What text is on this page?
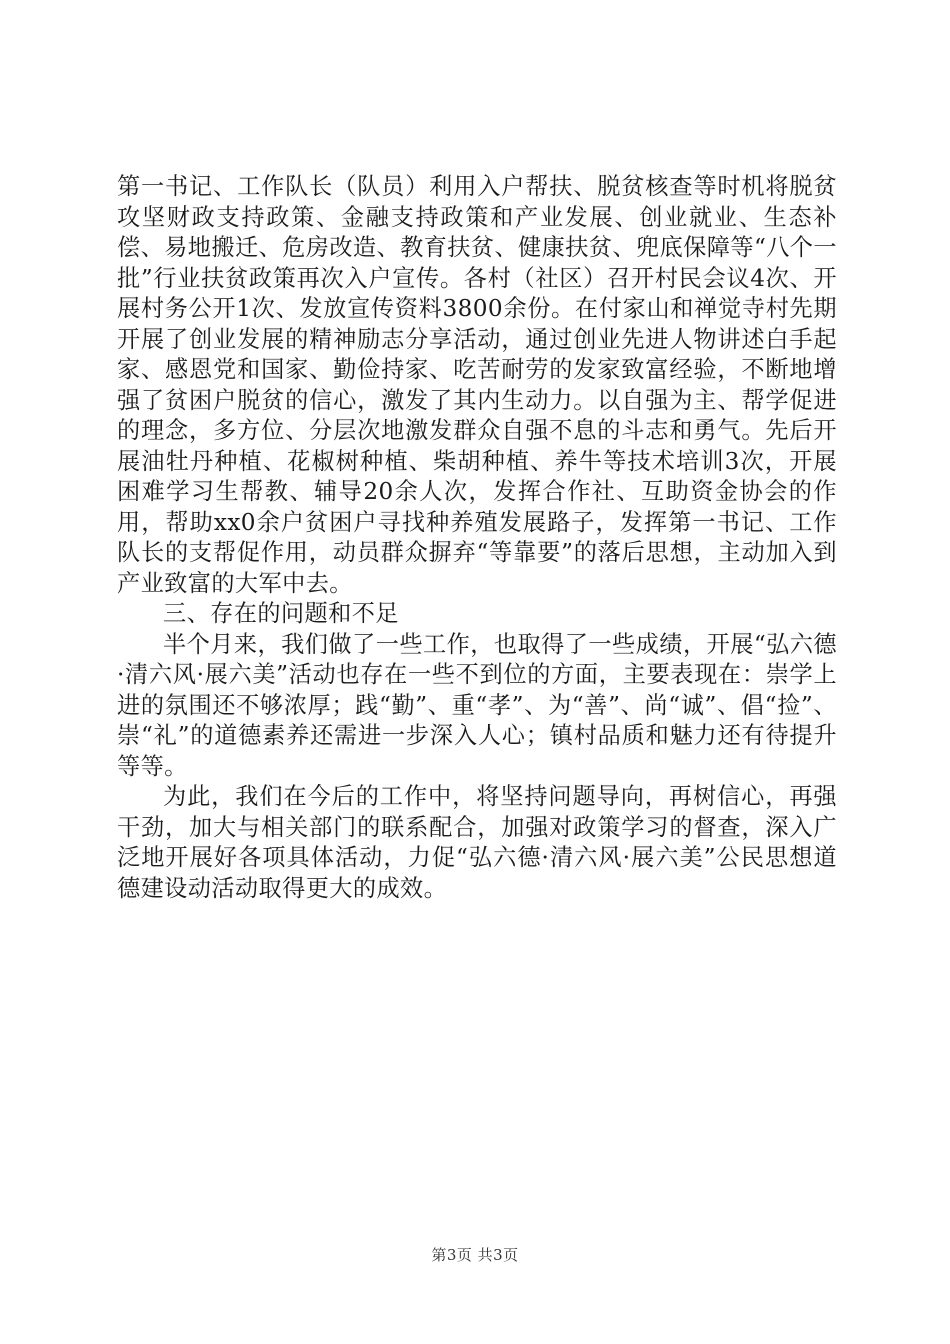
第一书记、工作队长（队员）利用入户帮扶、脱贫核查等时机将脱贫攻坚财政支持政策、金融支持政策和产业发展、创业就业、生态补偿、易地搬迁、危房改造、教育扶贫、健康扶贫、兜底保障等“八个一批”行业扶贫政策再次入户宣传。各村（社区）召开村民会议4次、开展村务公开1次、发放宣传资料3800余份。在付家山和禅觉寺村先期开展了创业发展的精神励志分享活动，通过创业先进人物讲述白手起家、感恩党和国家、勤俭持家、吃苦耐劳的发家致富经验，不断地增强了贫困户脱贫的信心，激发了其内生动力。以自强为主、帮学促进的理念，多方位、分层次地激发群众自强不息的斗志和勇气。先后开展油牡丹种植、花椒树种植、柴胡种植、养牛等技术培训3次，开展困难学习生帮教、辅导20余人次，发挥合作社、互助资金协会的作用，帮助xx0余户贫困户寻找种养殖发展路子，发挥第一书记、工作队长的支帮促作用，动员群众摒弃“等靠要”的落后思想，主动加入到产业致富的大军中去。

三、存在的问题和不足

半个月来，我们做了一些工作，也取得了一些成绩，开展“弘六德·清六风·展六美”活动也存在一些不到位的方面，主要表现在：崇学上进的氛围还不够浓厚；践“勤”、重“孝”、为“善”、尚“诚”、倡“捡”、崇“礼”的道德素养还需进一步深入人心；镇村品质和魅力还有待提升等等。

为此，我们在今后的工作中，将坚持问题导向，再树信心，再强干劲，加大与相关部门的联系配合，加强对政策学习的督查，深入广泛地开展好各项具体活动，力促“弘六德·清六风·展六美”公民思想道德建设动活动取得更大的成效。

第3页 共3页
